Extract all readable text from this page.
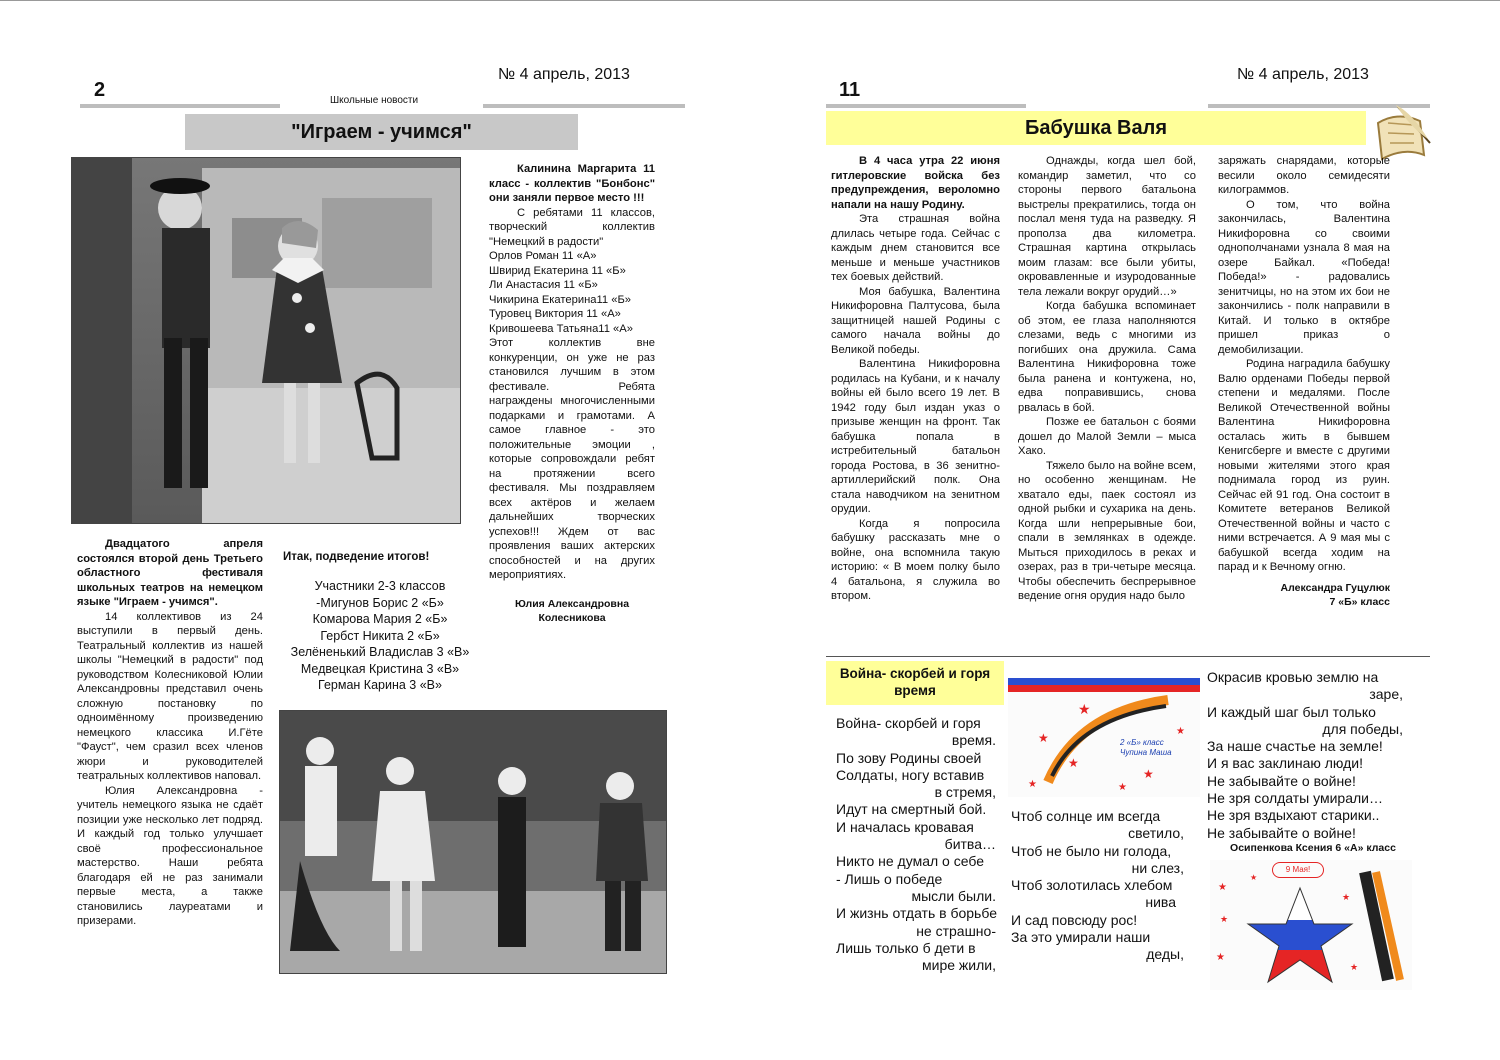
2
№ 4 апрель, 2013
Школьные новости
"Играем - учимся"

Двадцатого апреля состоялся второй день Третьего областного фестиваля школьных театров на немецком языке "Играем - учимся".

14 коллективов из 24 выступили в первый день. Театральный коллектив из нашей школы "Немецкий в радости" под руководством Колесниковой Юлии Александровны представил очень сложную постановку по одноимённому произведению немецкого классика И.Гёте "Фауст", чем сразил всех членов жюри и руководителей театральных коллективов наповал.

Юлия Александровна - учитель немецкого языка не сдаёт позиции уже несколько лет подряд. И каждый год только улучшает своё профессиональное мастерство. Наши ребята благодаря ей не раз занимали первые места, а также становились лауреатами и призерами.

Итак, подведение итогов!
Участники 2-3 классов
-Мигунов Борис 2 «Б»
Комарова Мария 2 «Б»
Гербст Никита 2 «Б»
Зелёненький Владислав 3 «В»
Медвецкая Кристина 3 «В»
Герман Карина 3 «В»

Калинина Маргарита 11 класс - коллектив "Бонбонс" они заняли первое место !!!

С ребятами 11 классов, творческий коллектив "Немецкий в радости"

Орлов Роман 11 «А»

Швирид Екатерина 11 «Б»

Ли Анастасия 11 «Б»

Чикирина Екатерина11 «Б»

Туровец Виктория 11 «А»

Кривошеева Татьяна11 «А»

Этот коллектив вне конкуренции, он уже не раз становился лучшим в этом фестивале. Ребята награждены многочисленными подарками и грамотами. А самое главное - это положительные эмоции , которые сопровождали ребят на протяжении всего фестиваля. Мы поздравляем всех актёров и желаем дальнейших творческих успехов!!! Ждем от вас проявления ваших актерских способностей и на других мероприятиях.

Юлия Александровна Колесникова

11
№ 4 апрель, 2013
Бабушка Валя

В 4 часа утра 22 июня гитлеровские войска без предупреждения, вероломно напали на нашу Родину.

Эта страшная война длилась четыре года. Сейчас с каждым днем становится все меньше и меньше участников тех боевых действий.

Моя бабушка, Валентина Никифоровна Палтусова, была защитницей нашей Родины с самого начала войны до Великой победы.

Валентина Никифоровна родилась на Кубани, и к началу войны ей было всего 19 лет. В 1942 году был издан указ о призыве женщин на фронт. Так бабушка попала в истребительный батальон города Ростова, в 36 зенитно-артиллерийский полк. Она стала наводчиком на зенитном орудии.

Когда я попросила бабушку рассказать мне о войне, она вспомнила такую историю: « В моем полку было 4 батальона, я служила во втором.

Однажды, когда шел бой, командир заметил, что со стороны первого батальона выстрелы прекратились, тогда он послал меня туда на разведку. Я прополза два километра. Страшная картина открылась моим глазам: все были убиты, окровавленные и изуродованные тела лежали вокруг орудий…»

Когда бабушка вспоминает об этом, ее глаза наполняются слезами, ведь с многими из погибших она дружила. Сама Валентина Никифоровна тоже была ранена и контужена, но, едва поправившись, снова рвалась в бой.

Позже ее батальон с боями дошел до Малой Земли – мыса Хако.

Тяжело было на войне всем, но особенно женщинам. Не хватало еды, паек состоял из одной рыбки и сухарика на день. Когда шли непрерывные бои, спали в землянках в одежде. Мыться приходилось в реках и озерах, раз в три-четыре месяца. Чтобы обеспечить беспрерывное ведение огня орудия надо было

заряжать снарядами, которые весили около семидесяти килограммов.

О том, что война закончилась, Валентина Никифоровна со своими однополчанами узнала 8 мая на озере Байкал. «Победа! Победа!» - радовались зенитчицы, но на этом их бои не закончились - полк направили в Китай. И только в октябре пришел приказ о демобилизации.

Родина наградила бабушку Валю орденами Победы первой степени и медалями. После Великой Отечественной войны Валентина Никифоровна осталась жить в бывшем Кенигсберге и вместе с другими новыми жителями этого края поднимала город из руин. Сейчас ей 91 год. Она состоит в Комитете ветеранов Великой Отечественной войны и часто с ними встречается. А 9 мая мы с бабушкой всегда ходим на парад и к Вечному огню.

Александра Гуцулюк

7 «Б» класс

Война- скорбей и горя время
★
★
★
★
★
★
★
2 «Б» класс Чупина Маша
Война- скорбей и горя
время.
По зову Родины своей
Солдаты, ногу вставив
в стремя,
Идут на смертный бой.
И началась кровавая
битва…
Никто не думал о себе
- Лишь о победе
мысли были.
И жизнь отдать в борьбе
не страшно-
Лишь только б дети в
мире жили,
Чтоб солнце им всегда
светило,
Чтоб не было ни голода,
ни слез,
Чтоб золотилась хлебом
нива
И сад повсюду рос!
За это умирали наши
деды,
Окрасив кровью землю на
заре,
И каждый шаг был только
для победы,
За наше счастье на земле!
И я вас заклинаю люди!
Не забывайте о войне!
Не зря солдаты умирали…
Не зря вздыхают старики..
Не забывайте о войне!
Осипенкова Ксения 6 «А» класс
★
★
★
★
★
★
9 Мая!
